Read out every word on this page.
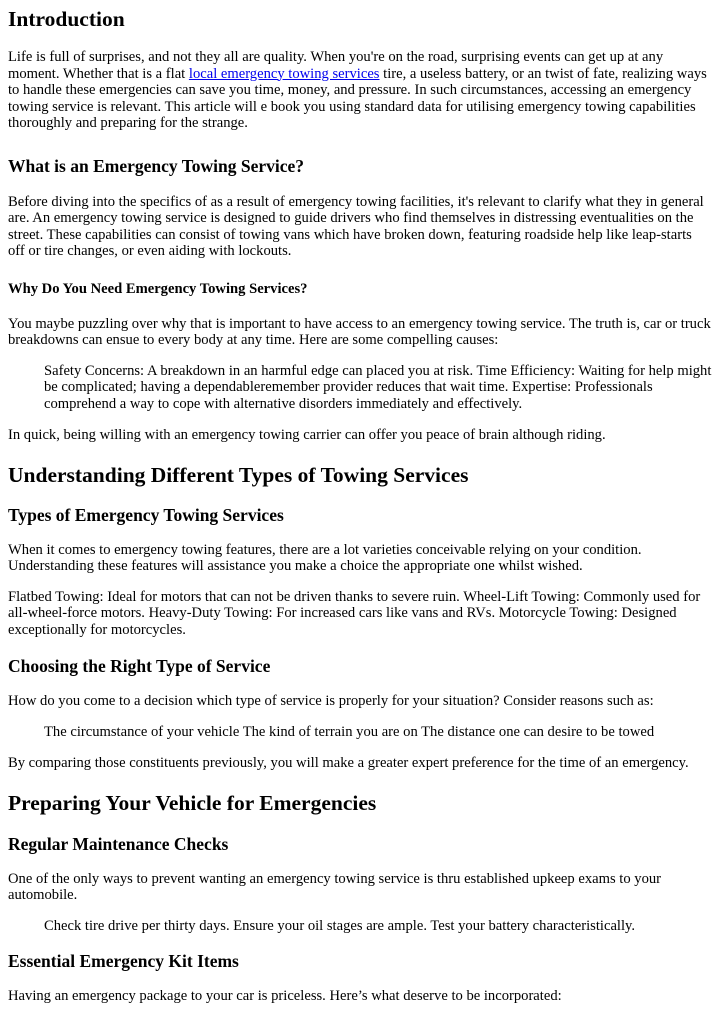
Introduction

Life is full of surprises, and not they all are quality. When you're on the road, surprising events can get up at any moment. Whether that is a flat local emergency towing services tire, a useless battery, or an twist of fate, realizing ways to handle these emergencies can save you time, money, and pressure. In such circumstances, accessing an emergency towing service is relevant. This article will e book you using standard data for utilising emergency towing capabilities thoroughly and preparing for the strange.

What is an Emergency Towing Service?

Before diving into the specifics of as a result of emergency towing facilities, it's relevant to clarify what they in general are. An emergency towing service is designed to guide drivers who find themselves in distressing eventualities on the street. These capabilities can consist of towing vans which have broken down, featuring roadside help like leap-starts off or tire changes, or even aiding with lockouts.

Why Do You Need Emergency Towing Services?

You maybe puzzling over why that is important to have access to an emergency towing service. The truth is, car or truck breakdowns can ensue to every body at any time. Here are some compelling causes:

Safety Concerns: A breakdown in an harmful edge can placed you at risk. Time Efficiency: Waiting for help might be complicated; having a dependableremember provider reduces that wait time. Expertise: Professionals comprehend a way to cope with alternative disorders immediately and effectively.

In quick, being willing with an emergency towing carrier can offer you peace of brain although riding.

Understanding Different Types of Towing Services
Types of Emergency Towing Services

When it comes to emergency towing features, there are a lot varieties conceivable relying on your condition. Understanding these features will assistance you make a choice the appropriate one whilst wished.

Flatbed Towing: Ideal for motors that can not be driven thanks to severe ruin. Wheel-Lift Towing: Commonly used for all-wheel-force motors. Heavy-Duty Towing: For increased cars like vans and RVs. Motorcycle Towing: Designed exceptionally for motorcycles.

Choosing the Right Type of Service

How do you come to a decision which type of service is properly for your situation? Consider reasons such as:

The circumstance of your vehicle The kind of terrain you are on The distance one can desire to be towed

By comparing those constituents previously, you will make a greater expert preference for the time of an emergency.

Preparing Your Vehicle for Emergencies
Regular Maintenance Checks

One of the only ways to prevent wanting an emergency towing service is thru established upkeep exams to your automobile.

Check tire drive per thirty days. Ensure your oil stages are ample. Test your battery characteristically.
Essential Emergency Kit Items

Having an emergency package to your car is priceless. Here’s what deserve to be incorporated:
